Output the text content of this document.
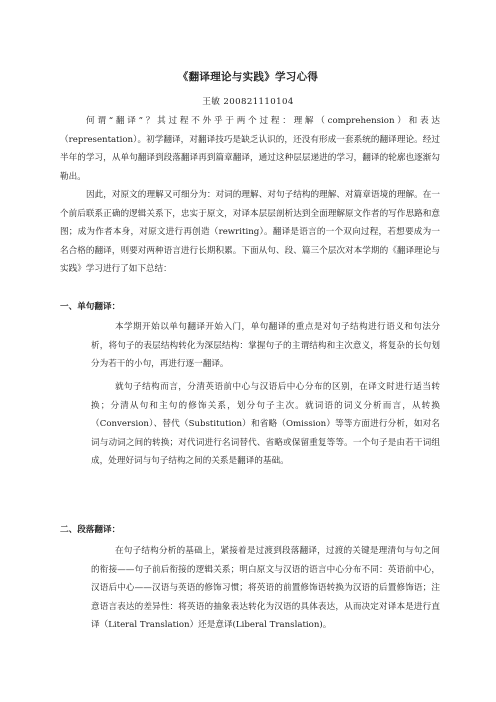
《翻译理论与实践》学习心得
王敏 200821110104

何谓“翻译”？其过程不外乎于两个过程：理解（comprehension）和表达（representation）。初学翻译，对翻译技巧是缺乏认识的，还没有形成一套系统的翻译理论。经过半年的学习，从单句翻译到段落翻译再到篇章翻译，通过这种层层递进的学习，翻译的轮廓也逐渐勾勒出。

因此，对原文的理解又可细分为：对词的理解、对句子结构的理解、对篇章语境的理解。在一个前后联系正确的逻辑关系下，忠实于原文，对译本层层剖析达到全面理解原文作者的写作思路和意图；成为作者本身，对原文进行再创造（rewriting）。翻译是语言的一个双向过程，若想要成为一名合格的翻译，则要对两种语言进行长期积累。下面从句、段、篇三个层次对本学期的《翻译理论与实践》学习进行了如下总结：

一、单句翻译：

本学期开始以单句翻译开始入门，单句翻译的重点是对句子结构进行语义和句法分析，将句子的表层结构转化为深层结构：掌握句子的主谓结构和主次意义，将复杂的长句划分为若干的小句，再进行逐一翻译。

就句子结构而言，分清英语前中心与汉语后中心分布的区别，在译文时进行适当转换；分清从句和主句的修饰关系，划分句子主次。就词语的词义分析而言，从转换（Conversion）、替代（Substitution）和省略（Omission）等等方面进行分析，如对名词与动词之间的转换；对代词进行名词替代、省略或保留重复等等。一个句子是由若干词组成，处理好词与句子结构之间的关系是翻译的基础。

二、段落翻译：

在句子结构分析的基础上，紧接着是过渡到段落翻译，过渡的关键是理清句与句之间的衔接——句子前后衔接的逻辑关系；明白原文与汉语的语言中心分布不同：英语前中心，汉语后中心——汉语与英语的修饰习惯；将英语的前置修饰语转换为汉语的后置修饰语；注意语言表达的差异性：将英语的抽象表达转化为汉语的具体表达，从而决定对译本是进行直译（Literal Translation）还是意译(Liberal Translation)。
